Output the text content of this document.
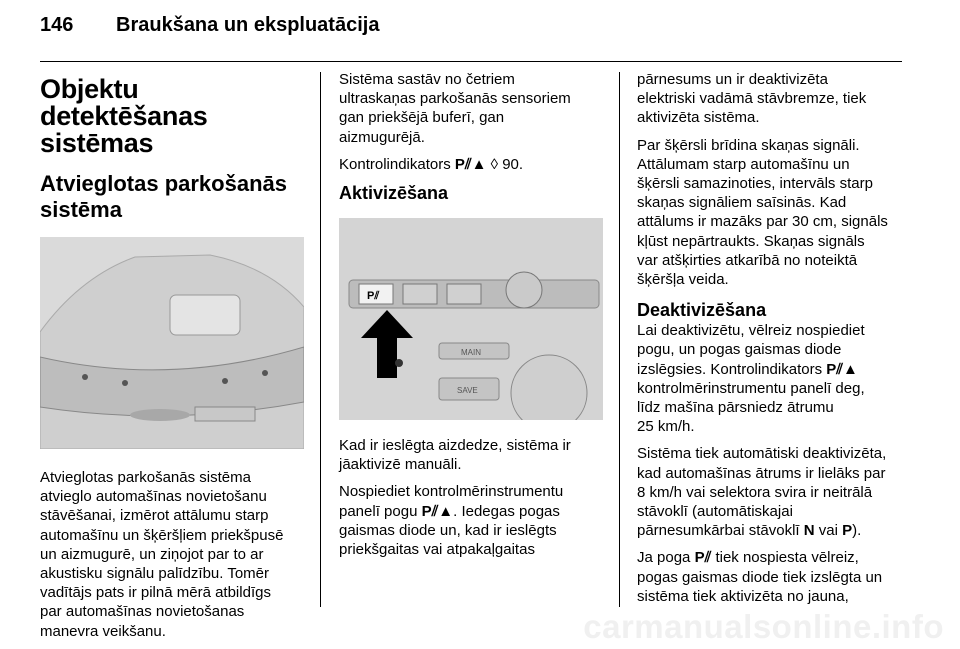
146 Braukšana un ekspluatācija
Objektu detektēšanas
sistēmas
Atvieglotas parkošanās
sistēma

Atvieglotas parkošanās sistēma
atvieglo automašīnas novietošanu
stāvēšanai, izmērot attālumu starp
automašīnu un šķēršļiem priekšpusē
un aizmugurē, un ziņojot par to ar
akustisku signālu palīdzību. Tomēr
vadītājs pats ir pilnā mērā atbildīgs
par automašīnas novietošanas
manevra veikšanu.

Sistēma sastāv no četriem
ultraskaņas parkošanās sensoriem
gan priekšējā buferī, gan
aizmugurējā.

Kontrolindikators P⫽▲ ◊ 90.

Aktivizēšana
P⫽
MAIN
SAVE

Kad ir ieslēgta aizdedze, sistēma ir
jāaktivizē manuāli.

Nospiediet kontrolmērinstrumentu
panelī pogu P⫽▲. Iedegas pogas
gaismas diode un, kad ir ieslēgts
priekšgaitas vai atpakaļgaitas

pārnesums un ir deaktivizēta
elektriski vadāmā stāvbremze, tiek
aktivizēta sistēma.

Par šķērsli brīdina skaņas signāli.
Attālumam starp automašīnu un
šķērsli samazinoties, intervāls starp
skaņas signāliem saīsinās. Kad
attālums ir mazāks par 30 cm, signāls
kļūst nepārtraukts. Skaņas signāls
var atšķirties atkarībā no noteiktā
šķēršļa veida.

Deaktivizēšana

Lai deaktivizētu, vēlreiz nospiediet
pogu, un pogas gaismas diode
izslēgsies. Kontrolindikators P⫽▲
kontrolmērinstrumentu panelī deg,
līdz mašīna pārsniedz ātrumu
25 km/h.

Sistēma tiek automātiski deaktivizēta,
kad automašīnas ātrums ir lielāks par
8 km/h vai selektora svira ir neitrālā
stāvoklī (automātiskajai
pārnesumkārbai stāvoklī N vai P).

Ja poga P⫽ tiek nospiesta vēlreiz,
pogas gaismas diode tiek izslēgta un
sistēma tiek aktivizēta no jauna,

carmanualsonline.info
